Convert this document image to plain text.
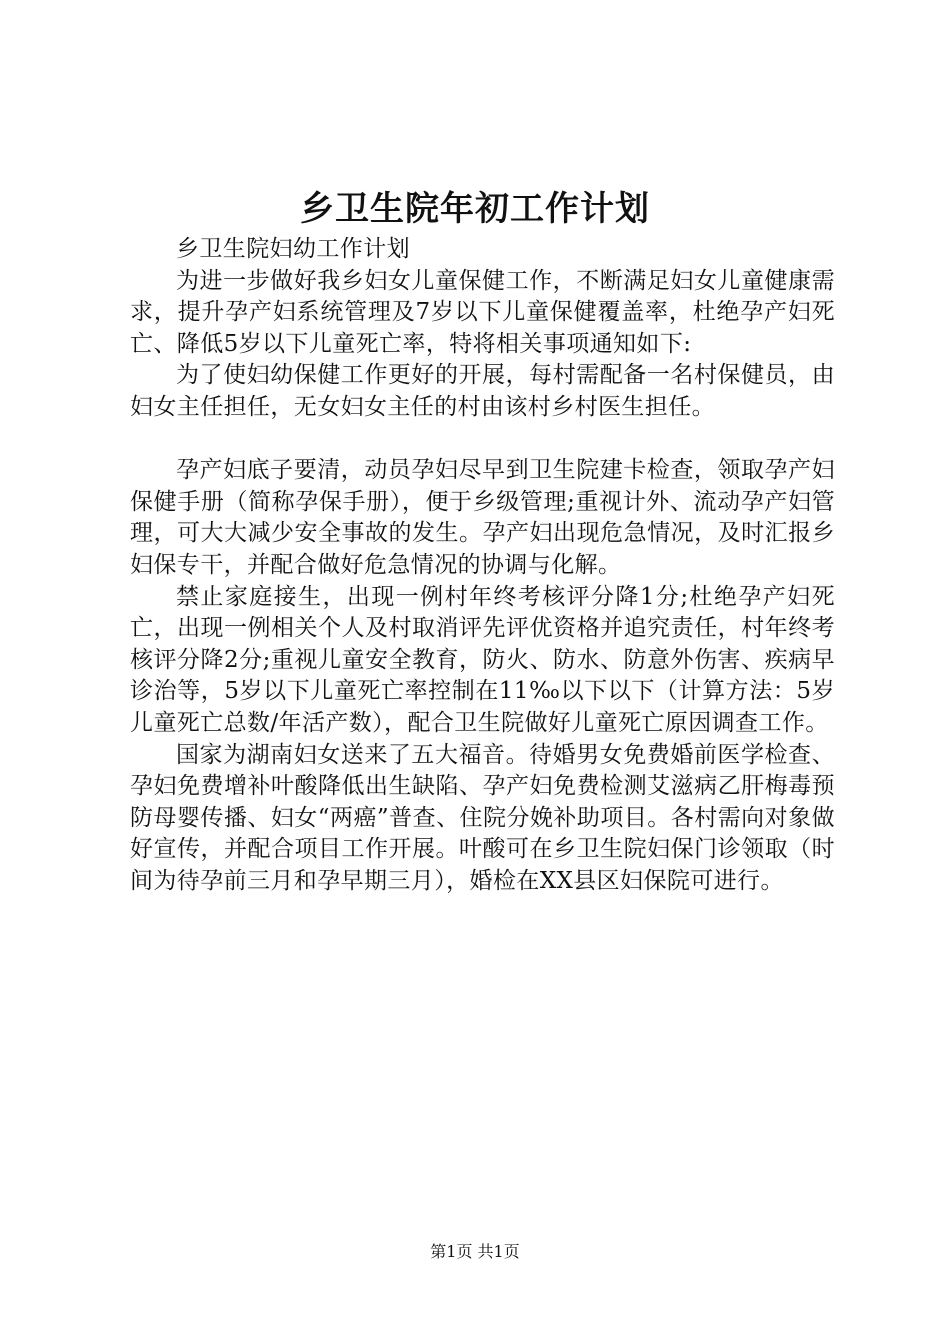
乡卫生院年初工作计划

乡卫生院妇幼工作计划

为进一步做好我乡妇女儿童保健工作，不断满足妇女儿童健康需求，提升孕产妇系统管理及7岁以下儿童保健覆盖率，杜绝孕产妇死亡、降低5岁以下儿童死亡率，特将相关事项通知如下:

为了使妇幼保健工作更好的开展，每村需配备一名村保健员，由妇女主任担任，无女妇女主任的村由该村乡村医生担任。

孕产妇底子要清，动员孕妇尽早到卫生院建卡检查，领取孕产妇保健手册（简称孕保手册），便于乡级管理;重视计外、流动孕产妇管理，可大大减少安全事故的发生。孕产妇出现危急情况，及时汇报乡妇保专干，并配合做好危急情况的协调与化解。

禁止家庭接生，出现一例村年终考核评分降1分;杜绝孕产妇死亡，出现一例相关个人及村取消评先评优资格并追究责任，村年终考核评分降2分;重视儿童安全教育，防火、防水、防意外伤害、疾病早诊治等，5岁以下儿童死亡率控制在11‰以下以下（计算方法：5岁儿童死亡总数/年活产数），配合卫生院做好儿童死亡原因调查工作。

国家为湖南妇女送来了五大福音。待婚男女免费婚前医学检查、孕妇免费增补叶酸降低出生缺陷、孕产妇免费检测艾滋病乙肝梅毒预防母婴传播、妇女“两癌”普查、住院分娩补助项目。各村需向对象做好宣传，并配合项目工作开展。叶酸可在乡卫生院妇保门诊领取（时间为待孕前三月和孕早期三月），婚检在XX县区妇保院可进行。

第1页 共1页
